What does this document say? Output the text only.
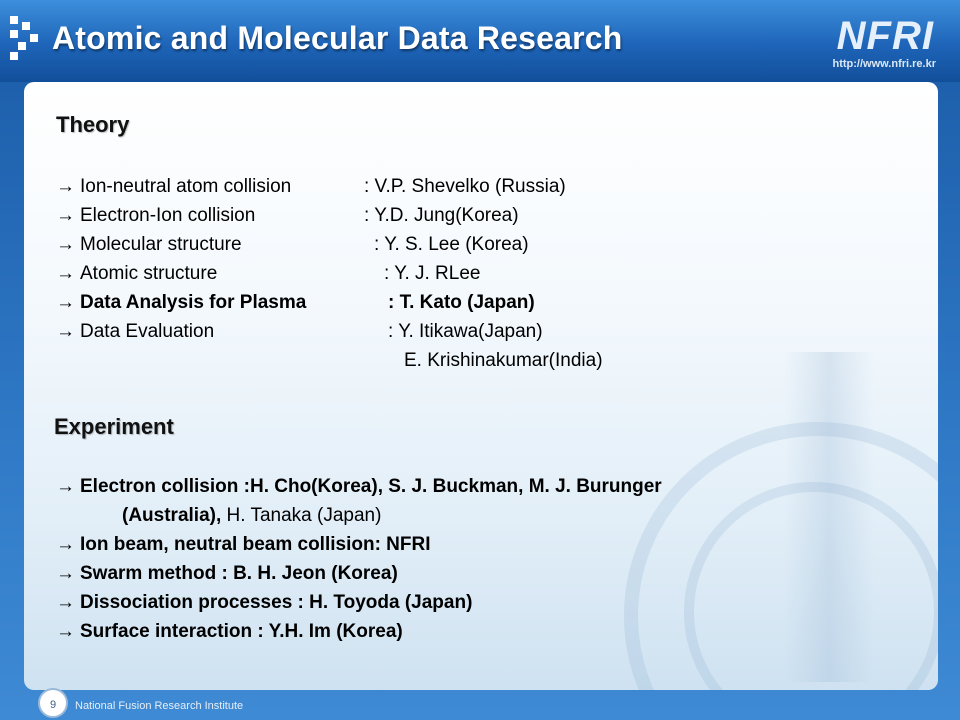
Atomic and Molecular Data Research	NFRI
http://www.nfri.re.kr
Theory
→ Ion-neutral atom collision	: V.P. Shevelko (Russia)
→ Electron-Ion collision	: Y.D. Jung(Korea)
→ Molecular structure	: Y. S. Lee (Korea)
→ Atomic structure	: Y. J. RLee
→ Data Analysis for Plasma	: T. Kato (Japan)
→ Data Evaluation	: Y. Itikawa(Japan)
E. Krishinakumar(India)
Experiment
→ Electron collision :H. Cho(Korea), S. J. Buckman, M. J. Burunger
(Australia), H. Tanaka (Japan)
→ Ion beam, neutral beam collision: NFRI
→ Swarm method : B. H. Jeon (Korea)
→ Dissociation processes : H. Toyoda (Japan)
→ Surface interaction : Y.H. Im (Korea)
9	National Fusion Research Institute
